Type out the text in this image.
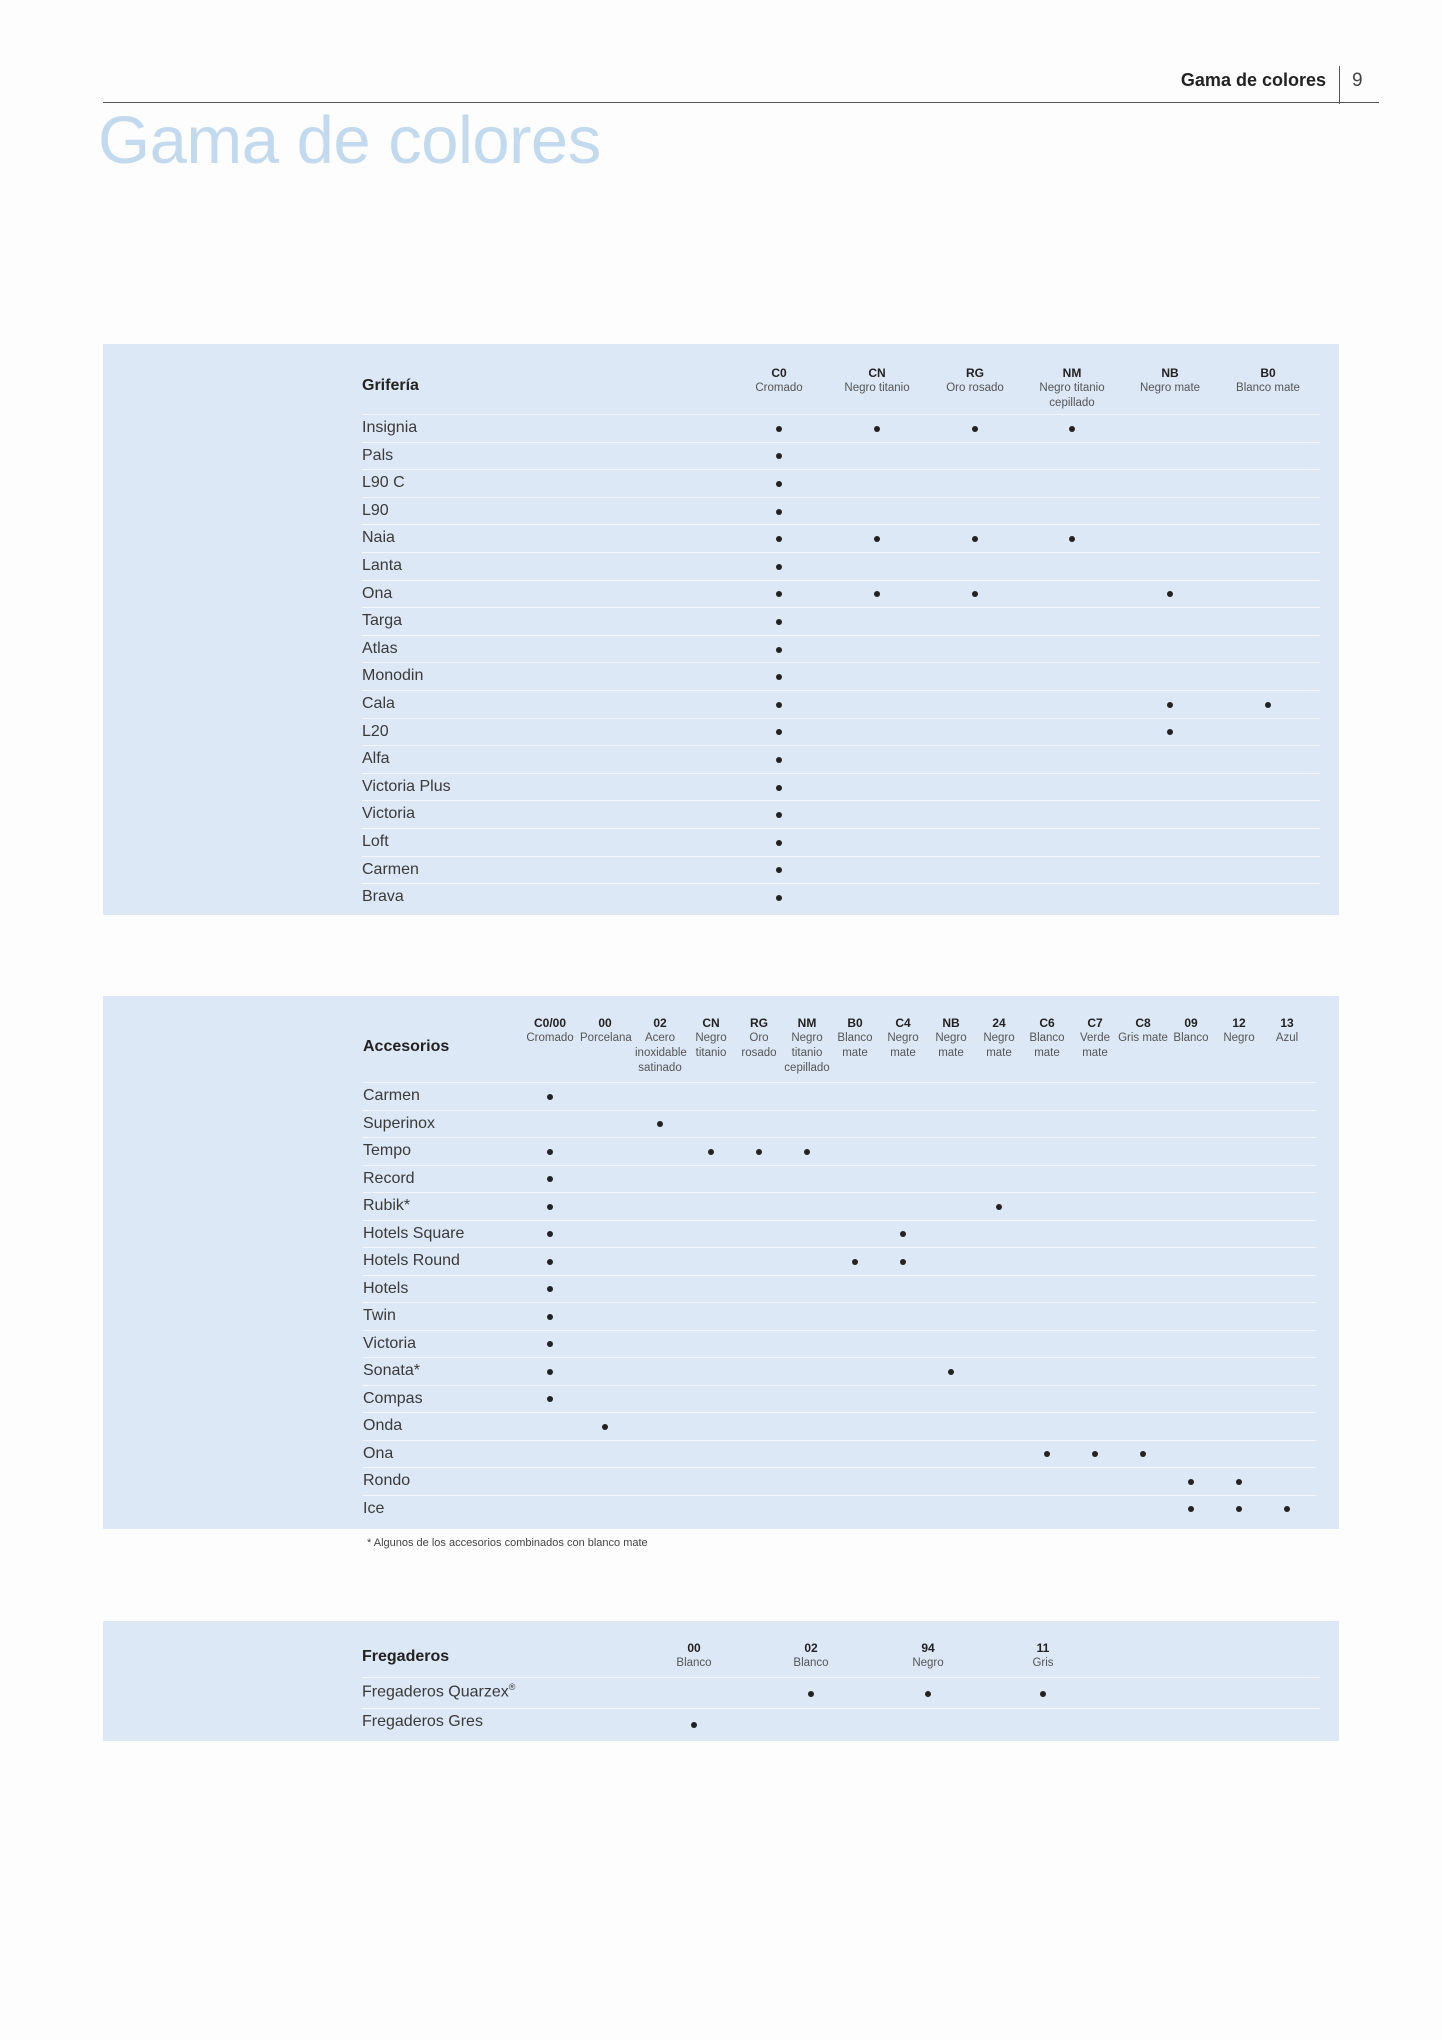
Gama de colores 9
Gama de colores
Grifería
C0
Cromado
CN
Negro titanio
RG
Oro rosado
NM
Negro titanio cepillado
NB
Negro mate
B0
Blanco mate
Insignia
Pals
L90 C
L90
Naia
Lanta
Ona
Targa
Atlas
Monodin
Cala
L20
Alfa
Victoria Plus
Victoria
Loft
Carmen
Brava
Accesorios
C0/00
Cromado
00
Porcelana
02
Acero inoxidable satinado
CN
Negro titanio
RG
Oro rosado
NM
Negro titanio cepillado
B0
Blanco mate
C4
Negro mate
NB
Negro mate
24
Negro mate
C6
Blanco mate
C7
Verde mate
C8
Gris mate
09
Blanco
12
Negro
13
Azul
Carmen
Superinox
Tempo
Record
Rubik*
Hotels Square
Hotels Round
Hotels
Twin
Victoria
Sonata*
Compas
Onda
Ona
Rondo
Ice
* Algunos de los accesorios combinados con blanco mate
Fregaderos	00
Blanco
02
Blanco
94
Negro
11
Gris
Fregaderos Quarzex®
Fregaderos Gres
